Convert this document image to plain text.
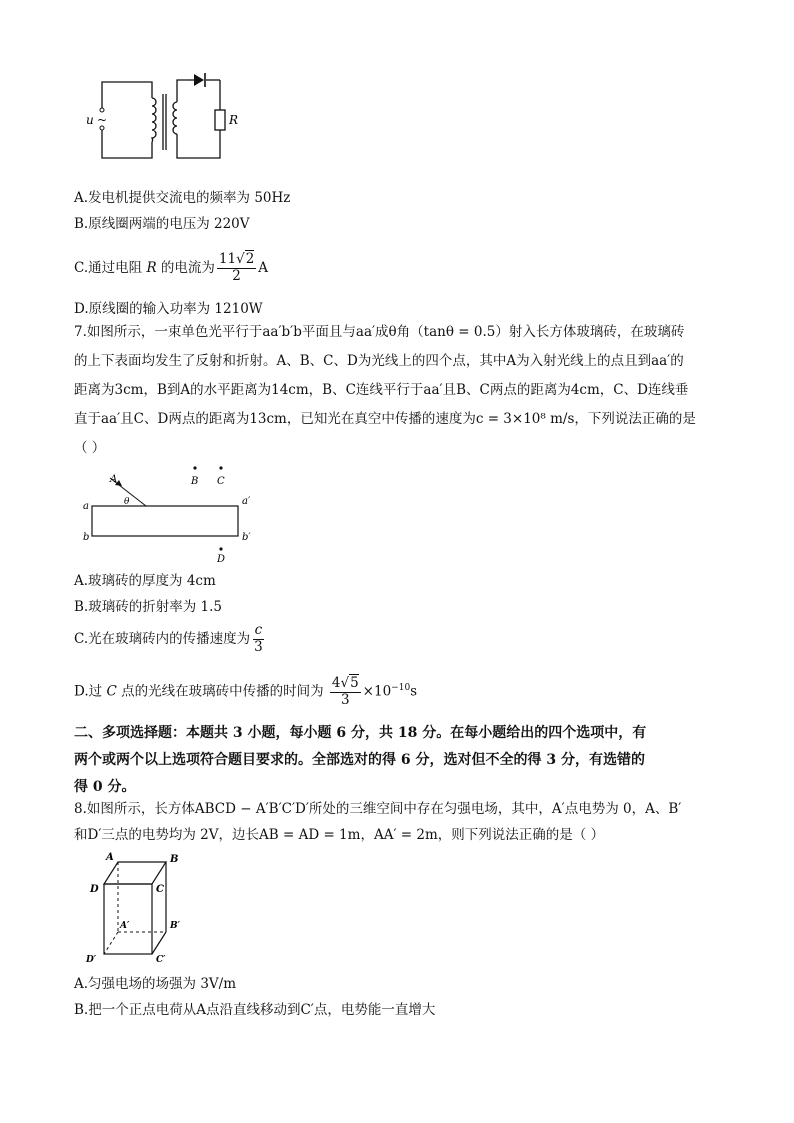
u ~	R
A.发电机提供交流电的频率为 50Hz
B.原线圈两端的电压为 220V
C.通过电阻 R 的电流为 $\frac{11√2}{2}$ A
D.原线圈的输入功率为 1210W
7.如图所示，一束单色光平行于aa′b′b平面且与aa′成θ角（tanθ = 0.5）射入长方体玻璃砖，在玻璃砖
的上下表面均发生了反射和折射。A、B、C、D为光线上的四个点，其中A为入射光线上的点且到aa′的
距离为3cm，B到A的水平距离为14cm，B、C连线平行于aa′且B、C两点的距离为4cm，C、D连线垂
直于aa′且C、D两点的距离为13cm，已知光在真空中传播的速度为c = 3×10⁸ m/s，下列说法正确的是
（ ）
A	B C
D
a	a′
b	b′
θ
A.玻璃砖的厚度为 4cm
B.玻璃砖的折射率为 1.5
C.光在玻璃砖内的传播速度为 $\frac{c}{3}$
D.过 C 点的光线在玻璃砖中传播的时间为 $\frac{4√5}{3} \times 10^{-10}s$
二、多项选择题：本题共 3 小题，每小题 6 分，共 18 分。在每小题给出的四个选项中，有
两个或两个以上选项符合题目要求的。全部选对的得 6 分，选对但不全的得 3 分，有选错的
得 0 分。
8.如图所示，长方体ABCD − A′B′C′D′所处的三维空间中存在匀强电场，其中，A′点电势为 0，A、B′
和D′三点的电势均为 2V，边长AB = AD = 1m，AA′ = 2m，则下列说法正确的是（ ）
A	B
C
D
A′	B′
C′
D′
A.匀强电场的场强为 3V/m
B.把一个正点电荷从A点沿直线移动到C′点，电势能一直增大
